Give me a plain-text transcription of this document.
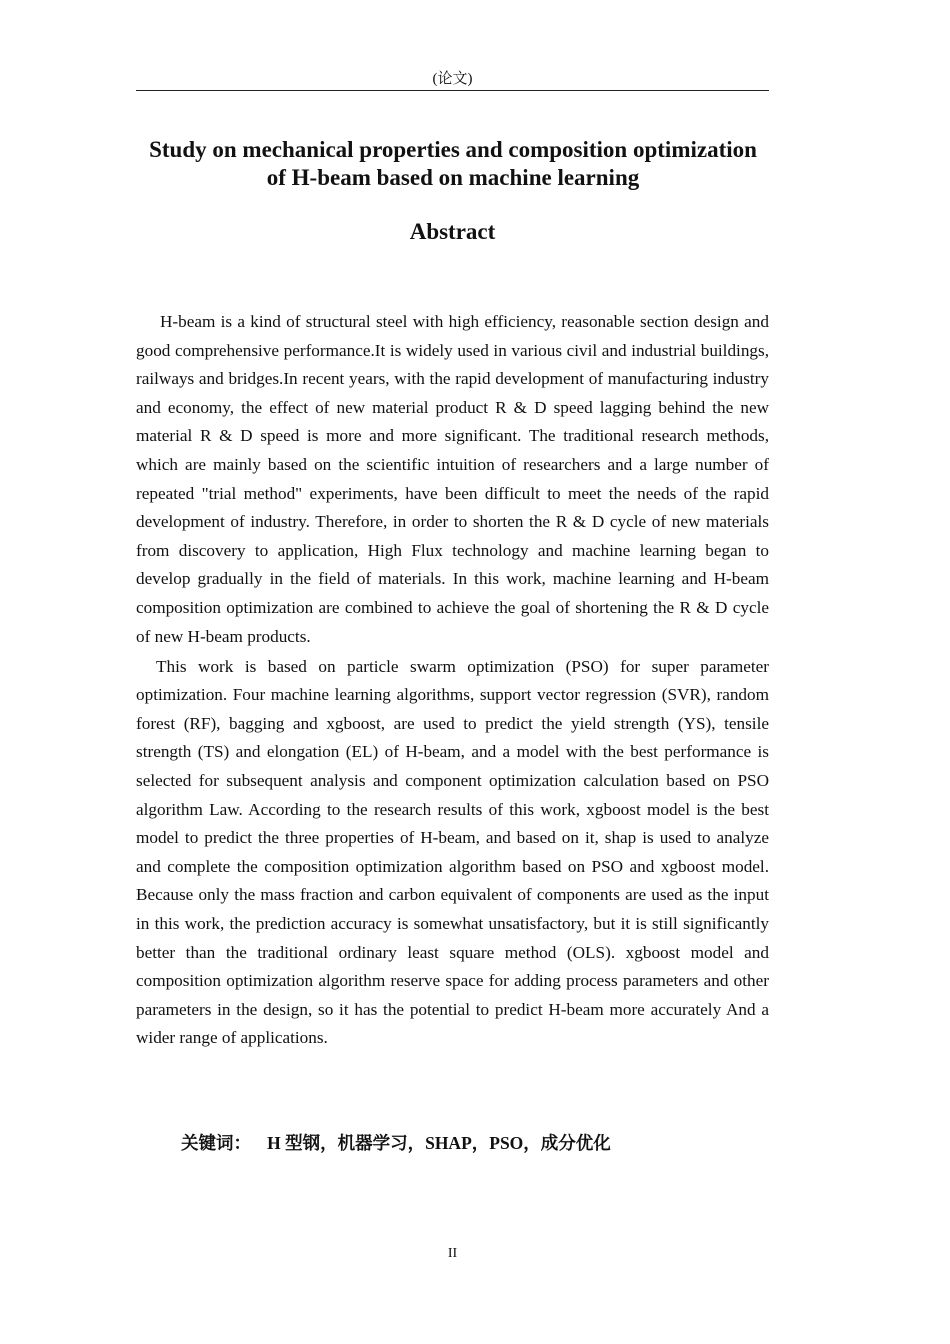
(论文)
Study on mechanical properties and composition optimization
of H-beam based on machine learning
Abstract

H-beam is a kind of structural steel with high efficiency, reasonable section design and good comprehensive performance.It is widely used in various civil and industrial buildings, railways and bridges.In recent years, with the rapid development of manufacturing industry and economy, the effect of new material product R & D speed lagging behind the new material R & D speed is more and more significant. The traditional research methods, which are mainly based on the scientific intuition of researchers and a large number of repeated "trial method" experiments, have been difficult to meet the needs of the rapid development of industry. Therefore, in order to shorten the R & D cycle of new materials from discovery to application, High Flux technology and machine learning began to develop gradually in the field of materials. In this work, machine learning and H-beam composition optimization are combined to achieve the goal of shortening the R & D cycle of new H-beam products.

This work is based on particle swarm optimization (PSO) for super parameter optimization. Four machine learning algorithms, support vector regression (SVR), random forest (RF), bagging and xgboost, are used to predict the yield strength (YS), tensile strength (TS) and elongation (EL) of H-beam, and a model with the best performance is selected for subsequent analysis and component optimization calculation based on PSO algorithm Law. According to the research results of this work, xgboost model is the best model to predict the three properties of H-beam, and based on it, shap is used to analyze and complete the composition optimization algorithm based on PSO and xgboost model. Because only the mass fraction and carbon equivalent of components are used as the input in this work, the prediction accuracy is somewhat unsatisfactory, but it is still significantly better than the traditional ordinary least square method (OLS). xgboost model and composition optimization algorithm reserve space for adding process parameters and other parameters in the design, so it has the potential to predict H-beam more accurately And a wider range of applications.

关键词： H 型钢，机器学习，SHAP，PSO，成分优化
II
